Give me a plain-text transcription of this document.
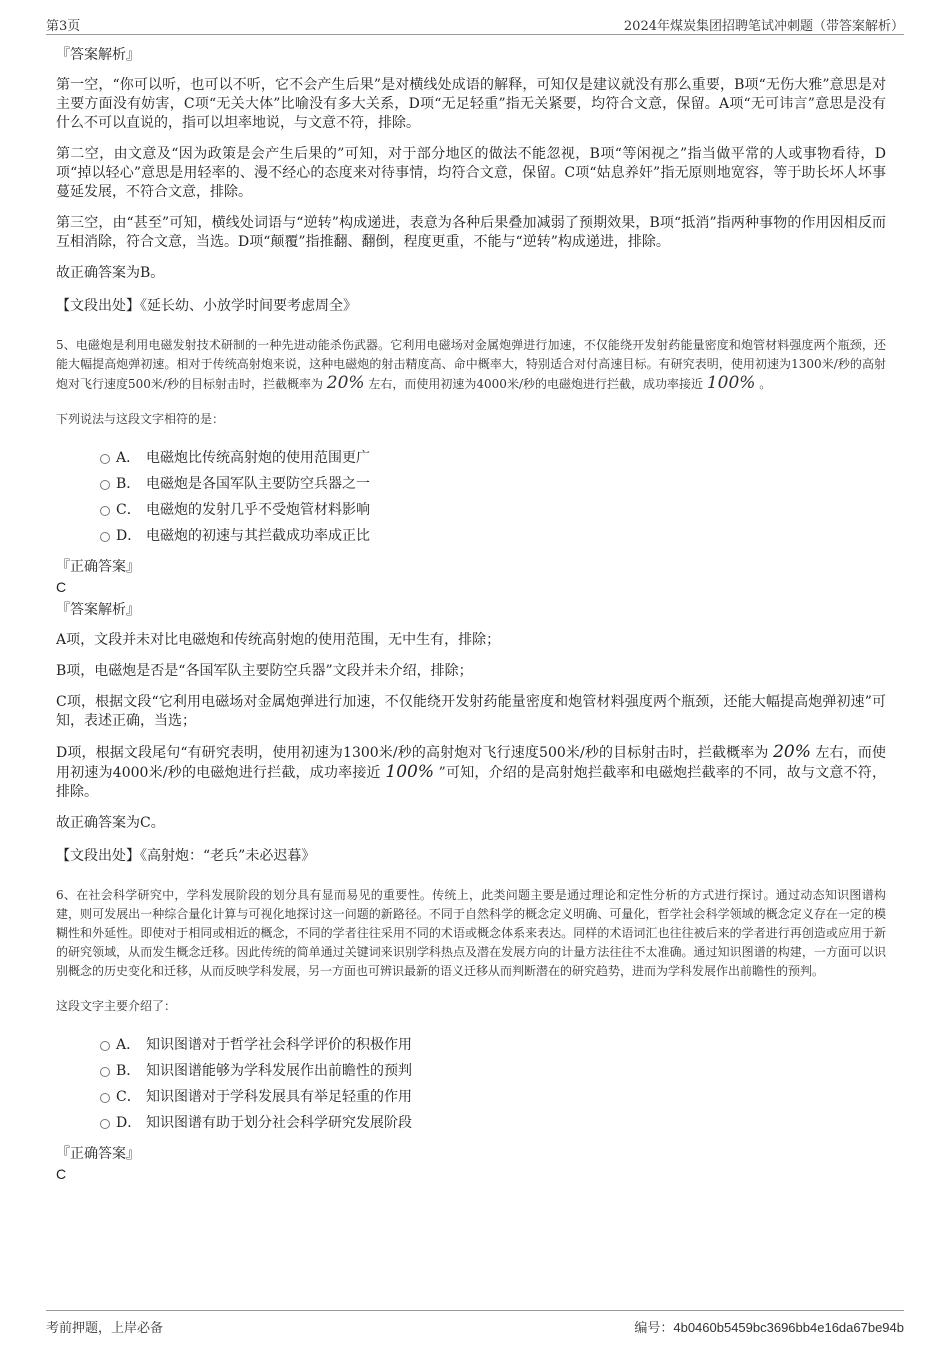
第3页	2024年煤炭集团招聘笔试冲刺题（带答案解析）
『答案解析』

第一空，“你可以听，也可以不听，它不会产生后果”是对横线处成语的解释，可知仅是建议就没有那么重要，B项“无伤大雅”意思是对主要方面没有妨害，C项“无关大体”比喻没有多大关系，D项“无足轻重”指无关紧要，均符合文意，保留。A项“无可讳言”意思是没有什么不可以直说的，指可以坦率地说，与文意不符，排除。

第二空，由文意及“因为政策是会产生后果的”可知，对于部分地区的做法不能忽视，B项“等闲视之”指当做平常的人或事物看待，D项“掉以轻心”意思是用轻率的、漫不经心的态度来对待事情，均符合文意，保留。C项“姑息养奸”指无原则地宽容，等于助长坏人坏事蔓延发展，不符合文意，排除。

第三空，由“甚至”可知，横线处词语与“逆转”构成递进，表意为各种后果叠加减弱了预期效果，B项“抵消”指两种事物的作用因相反而互相消除，符合文意，当选。D项“颠覆”指推翻、翻倒，程度更重，不能与“逆转”构成递进，排除。

故正确答案为B。

【文段出处】《延长幼、小放学时间要考虑周全》

5、电磁炮是利用电磁发射技术研制的一种先进动能杀伤武器。它利用电磁场对金属炮弹进行加速，不仅能绕开发射药能量密度和炮管材料强度两个瓶颈，还能大幅提高炮弹初速。相对于传统高射炮来说，这种电磁炮的射击精度高、命中概率大，特别适合对付高速目标。有研究表明，使用初速为1300米/秒的高射炮对飞行速度500米/秒的目标射击时，拦截概率为 20% 左右，而使用初速为4000米/秒的电磁炮进行拦截，成功率接近 100% 。

下列说法与这段文字相符的是：
A． 电磁炮比传统高射炮的使用范围更广
B． 电磁炮是各国军队主要防空兵器之一
C． 电磁炮的发射几乎不受炮管材料影响
D． 电磁炮的初速与其拦截成功率成正比
『正确答案』
C
『答案解析』

A项，文段并未对比电磁炮和传统高射炮的使用范围，无中生有，排除；

B项，电磁炮是否是“各国军队主要防空兵器”文段并未介绍，排除；

C项，根据文段“它利用电磁场对金属炮弹进行加速，不仅能绕开发射药能量密度和炮管材料强度两个瓶颈，还能大幅提高炮弹初速”可知，表述正确，当选；

D项，根据文段尾句“有研究表明，使用初速为1300米/秒的高射炮对飞行速度500米/秒的目标射击时，拦截概率为 20% 左右，而使用初速为4000米/秒的电磁炮进行拦截，成功率接近 100% ”可知，介绍的是高射炮拦截率和电磁炮拦截率的不同，故与文意不符，排除。

故正确答案为C。

【文段出处】《高射炮：“老兵”未必迟暮》

6、在社会科学研究中，学科发展阶段的划分具有显而易见的重要性。传统上，此类问题主要是通过理论和定性分析的方式进行探讨。通过动态知识图谱构建，则可发展出一种综合量化计算与可视化地探讨这一问题的新路径。不同于自然科学的概念定义明确、可量化，哲学社会科学领域的概念定义存在一定的模糊性和外延性。即使对于相同或相近的概念，不同的学者往往采用不同的术语或概念体系来表达。同样的术语词汇也往往被后来的学者进行再创造或应用于新的研究领域，从而发生概念迁移。因此传统的简单通过关键词来识别学科热点及潜在发展方向的计量方法往往不太准确。通过知识图谱的构建，一方面可以识别概念的历史变化和迁移，从而反映学科发展，另一方面也可辨识最新的语义迁移从而判断潜在的研究趋势，进而为学科发展作出前瞻性的预判。

这段文字主要介绍了：
A． 知识图谱对于哲学社会科学评价的积极作用
B． 知识图谱能够为学科发展作出前瞻性的预判
C． 知识图谱对于学科发展具有举足轻重的作用
D． 知识图谱有助于划分社会科学研究发展阶段
『正确答案』
C
考前押题，上岸必备	编号：4b0460b5459bc3696bb4e16da67be94b
